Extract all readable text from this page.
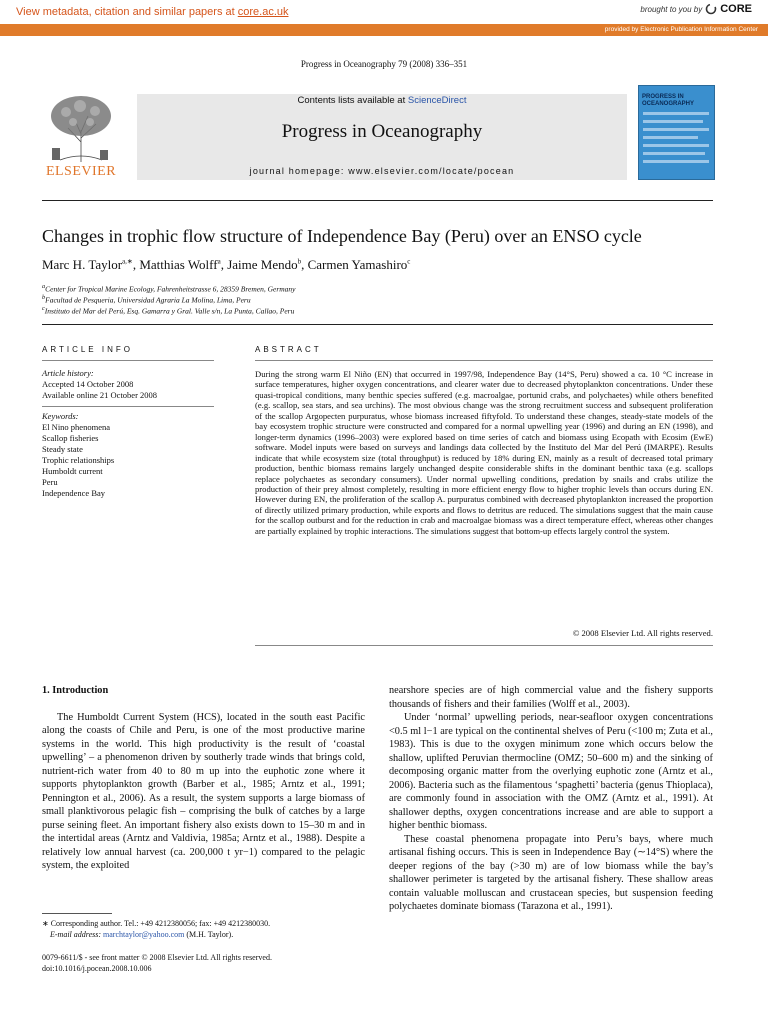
View metadata, citation and similar papers at core.ac.uk	brought to you by CORE
provided by Electronic Publication Information Center
Progress in Oceanography 79 (2008) 336–351
ELSEVIER
Contents lists available at ScienceDirect
Progress in Oceanography
journal homepage: www.elsevier.com/locate/pocean
PROGRESS IN OCEANOGRAPHY
Changes in trophic flow structure of Independence Bay (Peru) over an ENSO cycle
Marc H. Taylor$^{a,∗}$, Matthias Wolff$^a$, Jaime Mendo$^b$, Carmen Yamashiro$^c$
$^a$Center for Tropical Marine Ecology, Fahrenheitstrasse 6, 28359 Bremen, Germany
$^b$Facultad de Pesqueria, Universidad Agraria La Molina, Lima, Peru
$^c$Instituto del Mar del Perú, Esq. Gamarra y Gral. Valle s/n, La Punta, Callao, Peru
ARTICLE INFO
Article history:
Accepted 14 October 2008
Available online 21 October 2008
Keywords:
El Nino phenomena
Scallop fisheries
Steady state
Trophic relationships
Humboldt current
Peru
Independence Bay
ABSTRACT
During the strong warm El Niño (EN) that occurred in 1997/98, Independence Bay (14°S, Peru) showed a ca. 10 °C increase in surface temperatures, higher oxygen concentrations, and clearer water due to decreased phytoplankton concentrations. Under these quasi-tropical conditions, many benthic species suffered (e.g. macroalgae, portunid crabs, and polychaetes) while others benefited (e.g. scallop, sea stars, and sea urchins). The most obvious change was the strong recruitment success and subsequent proliferation of the scallop Argopecten purpuratus, whose biomass increased fiftyfold. To understand these changes, steady-state models of the bay ecosystem trophic structure were constructed and compared for a normal upwelling year (1996) and during an EN (1998), and longer-term dynamics (1996–2003) were explored based on time series of catch and biomass using Ecopath with Ecosim (EwE) software. Model inputs were based on surveys and landings data collected by the Instituto del Mar del Perú (IMARPE). Results indicate that while ecosystem size (total throughput) is reduced by 18% during EN, mainly as a result of decreased total primary production, benthic biomass remains largely unchanged despite considerable shifts in the dominant benthic taxa (e.g. scallops replace polychaetes as secondary consumers). Under normal upwelling conditions, predation by snails and crabs utilize the production of their prey almost completely, resulting in more efficient energy flow to higher trophic levels than occurs during EN. However during EN, the proliferation of the scallop A. purpuratus combined with decreased phytoplankton increased the proportion of directly utilized primary production, while exports and flows to detritus are reduced. The simulations suggest that the main cause for the scallop outburst and for the reduction in crab and macroalgae biomass was a direct temperature effect, whereas other changes are partially explained by trophic interactions. The simulations suggest that bottom-up effects largely control the system.
© 2008 Elsevier Ltd. All rights reserved.
1. Introduction

The Humboldt Current System (HCS), located in the south east Pacific along the coasts of Chile and Peru, is one of the most productive marine systems in the world. This high productivity is the result of ‘coastal upwelling’ – a phenomenon driven by southerly trade winds that brings cold, nutrient-rich water from 40 to 80 m up into the euphotic zone where it supports phytoplankton growth (Barber et al., 1985; Arntz et al., 1991; Pennington et al., 2006). As a result, the system supports a large biomass of small planktivorous pelagic fish – comprising the bulk of catches by a large purse seining fleet. An important fishery also exists down to 15–30 m and in the intertidal areas (Arntz and Valdivia, 1985a; Arntz et al., 1988). Despite a relatively low annual harvest (ca. 200,000 t yr−1) compared to the pelagic system, the exploited

nearshore species are of high commercial value and the fishery supports thousands of fishers and their families (Wolff et al., 2003).

Under ‘normal’ upwelling periods, near-seafloor oxygen concentrations <0.5 ml l−1 are typical on the continental shelves of Peru (<100 m; Zuta et al., 1983). This is due to the oxygen minimum zone which occurs below the shallow, uplifted Peruvian thermocline (OMZ; 50–600 m) and the sinking of decomposing organic matter from the overlying euphotic zone (Arntz et al., 2006). Bacteria such as the filamentous ‘spaghetti’ bacteria (genus Thioplaca), are commonly found in association with the OMZ (Arntz et al., 1991). At shallower depths, oxygen concentrations increase and are able to support a higher benthic biomass.

These coastal phenomena propagate into Peru’s bays, where much artisanal fishing occurs. This is seen in Independence Bay (∼14°S) where the deeper regions of the bay (>30 m) are of low biomass while the bay’s shallower perimeter is targeted by the artisanal fishery. These shallow areas contain valuable molluscan and crustacean species, but suspension feeding polychaetes dominate biomass (Tarazona et al., 1991).

∗ Corresponding author. Tel.: +49 4212380056; fax: +49 4212380030.
E-mail address: marchtaylor@yahoo.com (M.H. Taylor).
0079-6611/$ - see front matter © 2008 Elsevier Ltd. All rights reserved.
doi:10.1016/j.pocean.2008.10.006
